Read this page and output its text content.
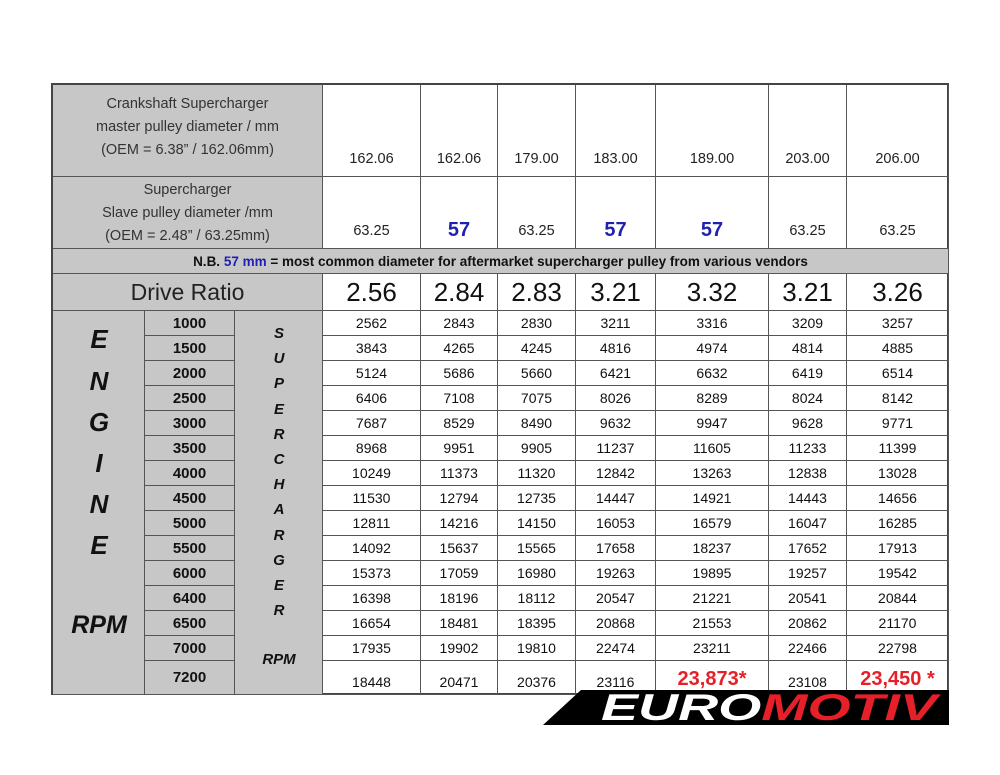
Crankshaft Supercharger
master pulley diameter / mm
(OEM = 6.38” / 162.06mm)
162.06	162.06	179.00	183.00	189.00	203.00	206.00
Supercharger
Slave pulley diameter /mm
(OEM = 2.48” / 63.25mm)	63.25	57	63.25	57	57	63.25	63.25
N.B.
57 mm
= most common diameter for aftermarket supercharger pulley from various vendors
Drive Ratio	2.56	2.84	2.83	3.21	3.32	3.21	3.26
E
N
G
I
N
E
RPM
S
U
P
E
R
C
H
A
R
G
E
R
RPM
1000	2562	2843	2830	3211	3316	3209	3257
1500	3843	4265	4245	4816	4974	4814	4885
2000	5124	5686	5660	6421	6632	6419	6514
2500	6406	7108	7075	8026	8289	8024	8142
3000	7687	8529	8490	9632	9947	9628	9771
3500	8968	9951	9905	11237	11605	11233	11399
4000	10249	11373	11320	12842	13263	12838	13028
4500	11530	12794	12735	14447	14921	14443	14656
5000	12811	14216	14150	16053	16579	16047	16285
5500	14092	15637	15565	17658	18237	17652	17913
6000	15373	17059	16980	19263	19895	19257	19542
6400	16398	18196	18112	20547	21221	20541	20844
6500	16654	18481	18395	20868	21553	20862	21170
7000	17935	19902	19810	22474	23211	22466	22798
7200	18448	20471	20376	23116	23,873*	23108	23,450 *
EURO MOTIV
